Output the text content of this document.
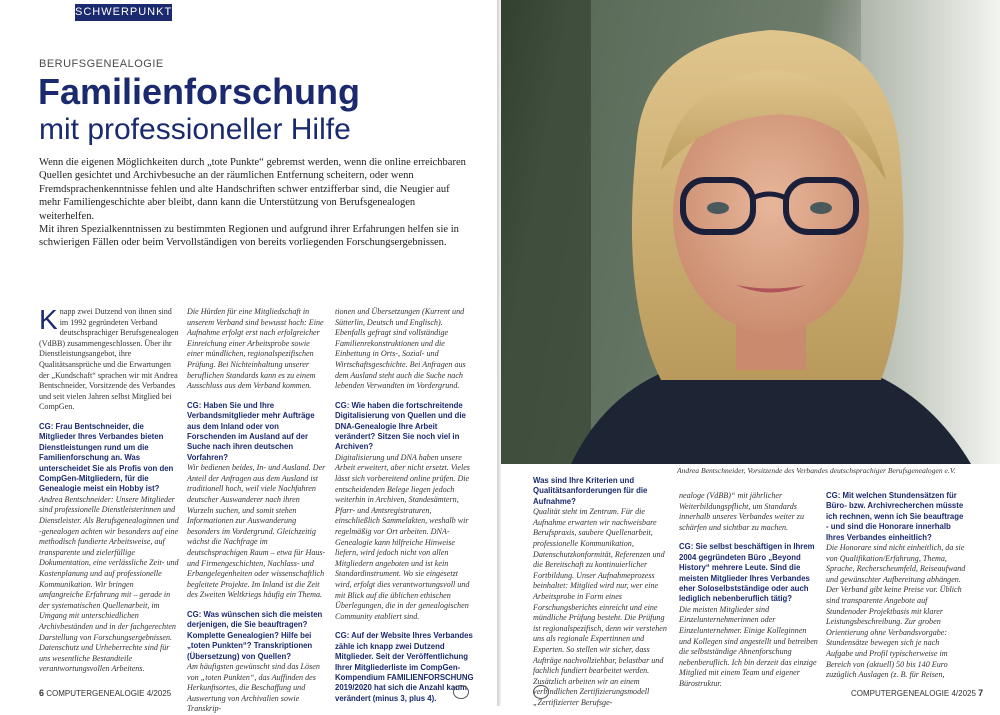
SCHWERPUNKT
BERUFSGENEALOGIE
Familienforschung
mit professioneller Hilfe

Wenn die eigenen Möglichkeiten durch „tote Punkte“ gebremst werden, wenn die online erreichbaren Quellen gesichtet und Archivbesuche an der räumlichen Entfernung scheitern, oder wenn Fremdsprachenkenntnisse fehlen und alte Handschriften schwer entzifferbar sind, die Neugier auf mehr Familiengeschichte aber bleibt, dann kann die Unterstützung von Berufsgenealogen weiterhelfen.

Mit ihren Spezialkenntnissen zu bestimmten Regionen und aufgrund ihrer Erfahrungen helfen sie in schwierigen Fällen oder beim Vervollständigen von bereits vorliegenden Forschungsergebnissen.

Knapp zwei Dutzend von ihnen sind im 1992 gegründeten Verband deutschsprachiger Berufsgenealogen (VdBB) zusammengeschlossen. Über ihr Dienstleistungsangebot, ihre Qualitätsansprüche und die Erwartungen der „Kundschaft“ sprachen wir mit Andrea Bentschneider, Vorsitzende des Verbandes und seit vielen Jahren selbst Mitglied bei CompGen.

CG: Frau Bentschneider, die Mitglieder Ihres Verbandes bieten Dienstleistungen rund um die Familienforschung an. Was unterscheidet Sie als Profis von den CompGen-Mitgliedern, für die Genealogie meist ein Hobby ist?

Andrea Bentschneider: Unsere Mitglieder sind professionelle Dienstleisterinnen und Dienstleister. Als Berufsgenealoginnen und -genealogen achten wir besonders auf eine methodisch fundierte Arbeitsweise, auf transparente und zielerfüllige Dokumentation, eine verlässliche Zeit- und Kostenplanung und auf professionelle Kommunikation. Wir bringen umfangreiche Erfahrung mit – gerade in der systematischen Quellenarbeit, im Umgang mit unterschiedlichen Archivbeständen und in der fachgerechten Darstellung von Forschungsergebnissen. Datenschutz und Urheberrechte sind für uns wesentliche Bestandteile verantwortungsvollen Arbeitens.

Die Hürden für eine Mitgliedschaft in unserem Verband sind bewusst hoch: Eine Aufnahme erfolgt erst nach erfolgreicher Einreichung einer Arbeitsprobe sowie einer mündlichen, regionalspezifischen Prüfung. Bei Nichteinhaltung unserer beruflichen Standards kann es zu einem Ausschluss aus dem Verband kommen.

CG: Haben Sie und Ihre Verbandsmitglieder mehr Aufträge aus dem Inland oder von Forschenden im Ausland auf der Suche nach ihren deutschen Vorfahren?

Wir bedienen beides, In- und Ausland. Der Anteil der Anfragen aus dem Ausland ist traditionell hoch, weil viele Nachfahren deutscher Auswanderer nach ihren Wurzeln suchen, und somit stehen Informationen zur Auswanderung besonders im Vordergrund. Gleichzeitig wächst die Nachfrage im deutschsprachigen Raum – etwa für Haus- und Firmengeschichten, Nachlass- und Erbangelegenheiten oder wissenschaftlich begleitete Projekte. Im Inland ist die Zeit des Zweiten Weltkriegs häufig ein Thema.

CG: Was wünschen sich die meisten derjenigen, die Sie beauftragen? Komplette Genealogien? Hilfe bei „toten Punkten“? Transkriptionen (Übersetzung) von Quellen?

Am häufigsten gewünscht sind das Lösen von „toten Punkten“, das Auffinden des Herkunftsortes, die Beschaffung und Auswertung von Archivalien sowie Transkrip-

tionen und Übersetzungen (Kurrent und Sütterlin, Deutsch und Englisch). Ebenfalls gefragt sind vollständige Familienrekonstruktionen und die Einbettung in Orts-, Sozial- und Wirtschaftsgeschichte. Bei Anfragen aus dem Ausland steht auch die Suche nach lebenden Verwandten im Vordergrund.

CG: Wie haben die fortschreitende Digitalisierung von Quellen und die DNA-Genealogie Ihre Arbeit verändert? Sitzen Sie noch viel in Archiven?

Digitalisierung und DNA haben unsere Arbeit erweitert, aber nicht ersetzt. Vieles lässt sich vorbereitend online prüfen. Die entscheidenden Belege liegen jedoch weiterhin in Archiven, Standesämtern, Pfarr- und Amtsregistraturen, einschließlich Sammelakten, weshalb wir regelmäßig vor Ort arbeiten. DNA-Genealogie kann hilfreiche Hinweise liefern, wird jedoch nicht von allen Mitgliedern angeboten und ist kein Standardinstrument. Wo sie eingesetzt wird, erfolgt dies verantwortungsvoll und mit Blick auf die üblichen ethischen Überlegungen, die in der genealogischen Community etabliert sind.

CG: Auf der Website Ihres Verbandes zähle ich knapp zwei Dutzend Mitglieder. Seit der Veröffentlichung Ihrer Mitgliederliste im CompGen-Kompendium FAMILIENFORSCHUNG 2019/2020 hat sich die Anzahl kaum verändert (minus 3, plus 4).

6 COMPUTERGENEALOGIE 4/2025
Andrea Bentschneider, Vorsitzende des Verbandes deutschsprachiger Berufsgenealogen e.V.

Was sind Ihre Kriterien und Qualitätsanforderungen für die Aufnahme?

Qualität steht im Zentrum. Für die Aufnahme erwarten wir nachweisbare Berufspraxis, saubere Quellenarbeit, professionelle Kommunikation, Datenschutzkonformität, Referenzen und die Bereitschaft zu kontinuierlicher Fortbildung. Unser Aufnahmeprozess beinhaltet: Mitglied wird nur, wer eine Arbeitsprobe in Form eines Forschungsberichts einreicht und eine mündliche Prüfung besteht. Die Prüfung ist regionalspezifisch, denn wir verstehen uns als regionale Expertinnen und Experten. So stellen wir sicher, dass Aufträge nachvollziehbar, belastbar und fachlich fundiert bearbeitet werden. Zusätzlich arbeiten wir an einem verbindlichen Zertifizierungsmodell „Zertifizierter Berufsge-

nealoge (VdBB)“ mit jährlicher Weiterbildungspflicht, um Standards innerhalb unseres Verbandes weiter zu schärfen und sichtbar zu machen.

CG: Sie selbst beschäftigen in Ihrem 2004 gegründeten Büro „Beyond History“ mehrere Leute. Sind die meisten Mitglieder Ihres Verbandes eher Soloselbstständige oder auch lediglich nebenberuflich tätig?

Die meisten Mitglieder sind Einzelunternehmerinnen oder Einzelunternehmer. Einige Kolleginnen und Kollegen sind angestellt und betreiben die selbstständige Ahnenforschung nebenberuflich. Ich bin derzeit das einzige Mitglied mit einem Team und eigener Bürostruktur.

CG: Mit welchen Stundensätzen für Büro- bzw. Archivrecherchen müsste ich rechnen, wenn ich Sie beauftrage - und sind die Honorare innerhalb Ihres Verbandes einheitlich?

Die Honorare sind nicht einheitlich, da sie von Qualifikation/Erfahrung, Thema, Sprache, Recherscheumfeld, Reiseaufwand und gewünschter Aufbereitung abhängen. Der Verband gibt keine Preise vor. Üblich sind transparente Angebote auf Stundenoder Projektbasis mit klarer Leistungsbeschreibung. Zur groben Orientierung ohne Verbandsvorgabe: Stundensätze bewegen sich je nach Aufgabe und Profil typischerweise im Bereich von (aktuell) 50 bis 140 Euro zuzüglich Auslagen (z. B. für Reisen,

COMPUTERGENEALOGIE 4/2025 7
